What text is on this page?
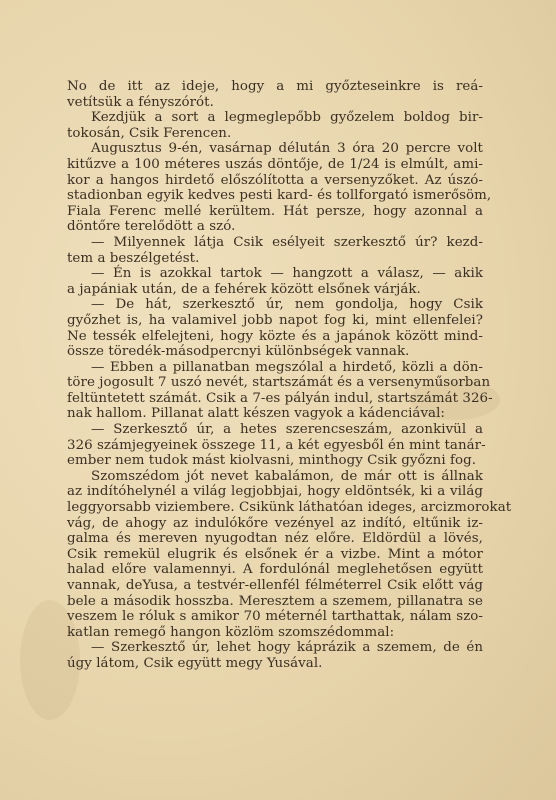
No de itt az ideje, hogy a mi győzteseinkre is reá-
vetítsük a fényszórót.
Kezdjük a sort a legmeglepőbb győzelem boldog bir-
tokosán, Csik Ferencen.
Augusztus 9-én, vasárnap délután 3 óra 20 percre volt
kitűzve a 100 méteres uszás döntője, de 1/24 is elmúlt, ami-
kor a hangos hirdető előszólította a versenyzőket. Az úszó-
stadionban egyik kedves pesti kard- és tollforgató ismerősöm,
Fiala Ferenc mellé kerültem. Hát persze, hogy azonnal a
döntőre terelődött a szó.
— Milyennek látja Csik esélyeit szerkesztő úr? kezd-
tem a beszélgetést.
— Én is azokkal tartok — hangzott a válasz, — akik
a japániak után, de a fehérek között elsőnek várják.
— De hát, szerkesztő úr, nem gondolja, hogy Csik
győzhet is, ha valamivel jobb napot fog ki, mint ellenfelei?
Ne tessék elfelejteni, hogy közte és a japánok között mind-
össze töredék-másodpercnyi különbségek vannak.
— Ebben a pillanatban megszólal a hirdető, közli a dön-
töre jogosult 7 uszó nevét, startszámát és a versenyműsorban
feltüntetett számát. Csik a 7-es pályán indul, startszámát 326-
nak hallom. Pillanat alatt készen vagyok a kádenciával:
— Szerkesztő úr, a hetes szerencseszám, azonkivül a
326 számjegyeinek összege 11, a két egyesből én mint tanár-
ember nem tudok mást kiolvasni, minthogy Csik győzni fog.
Szomszédom jót nevet kabalámon, de már ott is állnak
az indítóhelynél a világ legjobbjai, hogy eldöntsék, ki a világ
leggyorsabb viziembere. Csikünk láthatóan ideges, arcizmorokat
vág, de ahogy az indulókőre vezényel az indító, eltűnik iz-
galma és mereven nyugodtan néz előre. Eldördül a lövés,
Csik remekül elugrik és elsőnek ér a vizbe. Mint a mótor
halad előre valamennyi. A fordulónál meglehetősen együtt
vannak, deYusa, a testvér-ellenfél félméterrel Csik előtt vág
bele a második hosszba. Meresztem a szemem, pillanatra se
veszem le róluk s amikor 70 méternél tarthattak, nálam szo-
katlan remegő hangon közlöm szomszédommal:
— Szerkesztő úr, lehet hogy káprázik a szemem, de én
úgy látom, Csik együtt megy Yusával.
